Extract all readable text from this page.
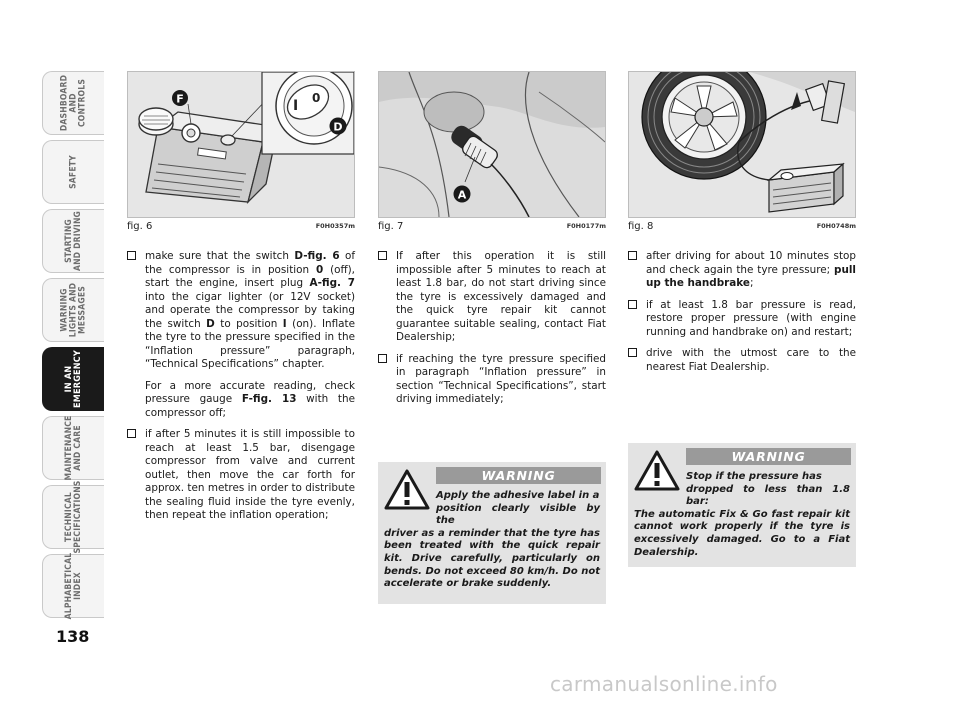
DASHBOARD
AND
CONTROLS
SAFETY
STARTING
AND DRIVING
WARNING
LIGHTS AND
MESSAGES
IN AN
EMERGENCY
MAINTENANCE
AND CARE
TECHNICAL
SPECIFICATIONS
ALPHABETICAL
INDEX
138
I 0
F
D
fig. 6	F0H0357m
A
fig. 7	F0H0177m fig. 8	F0H0748m
make sure that the switch D-fig. 6 of the compressor is in position 0 (off), start the engine, insert plug A-fig. 7 into the cigar lighter (or 12V socket) and operate the compressor by taking the switch D to position I (on). Inflate the tyre to the pressure specified in the “Inflation pressure” paragraph, “Technical Specifications” chapter.
For a more accurate reading, check pressure gauge F-fig. 13 with the compressor off;
if after 5 minutes it is still impossible to reach at least 1.5 bar, disengage compressor from valve and current outlet, then move the car forth for approx. ten metres in order to distribute the sealing fluid inside the tyre evenly, then repeat the inflation operation;
If after this operation it is still impossible after 5 minutes to reach at least 1.8 bar, do not start driving since the tyre is excessively damaged and the quick tyre repair kit cannot guarantee suitable sealing, contact Fiat Dealership;
if reaching the tyre pressure specified in paragraph “Inflation pressure” in section “Technical Specifications”, start driving immediately;
WARNING
Apply the adhesive label in a
position clearly visible by the
driver as a reminder that the tyre has been treated with the quick repair kit. Drive carefully, particularly on bends. Do not exceed 80 km/h. Do not accelerate or brake suddenly.
after driving for about 10 minutes stop and check again the tyre pressure; pull up the handbrake;
if at least 1.8 bar pressure is read, restore proper pressure (with engine running and handbrake on) and restart;
drive with the utmost care to the nearest Fiat Dealership.
WARNING
Stop if the pressure has
dropped to less than 1.8 bar:
The automatic Fix & Go fast repair kit cannot work properly if the tyre is excessively damaged. Go to a Fiat Dealership.
carmanualsonline.info
